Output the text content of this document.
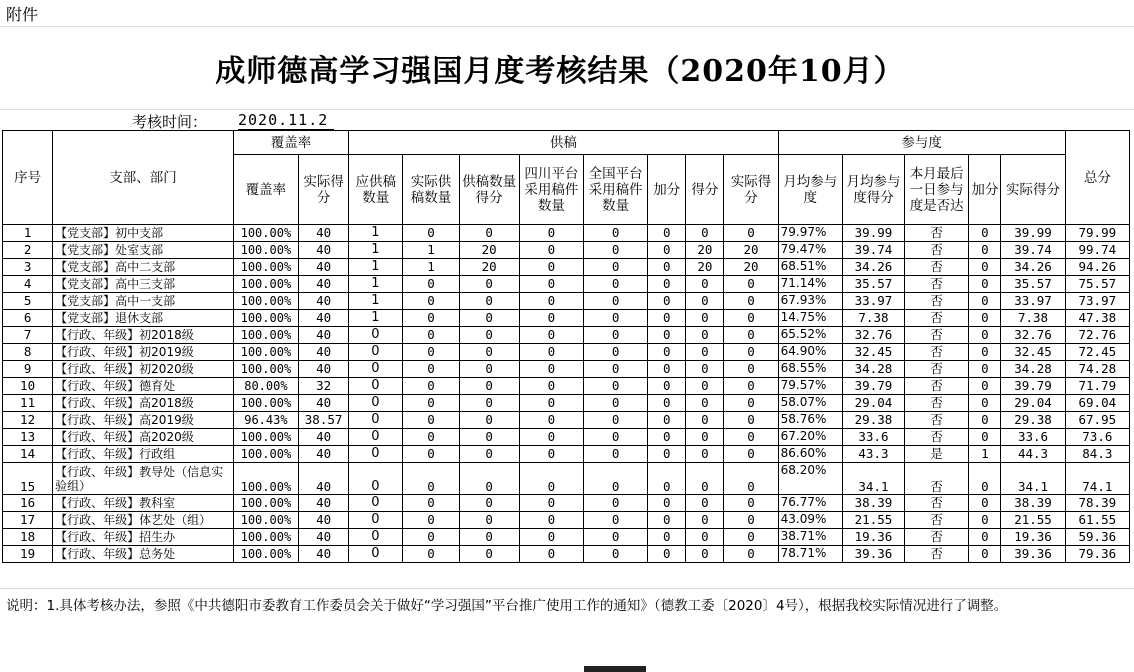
附件
成师德高学习强国月度考核结果（2020年10月）
考核时间： 2020.11.2
序号	支部、部门	覆盖率		供稿								参与度					总分
		覆盖率	实际得分	应供稿数量	实际供稿数量	供稿数量得分	四川平台采用稿件数量	全国平台采用稿件数量	加分	得分	实际得分	月均参与度	月均参与度得分	本月最后一日参与度是否达	加分	实际得分	
1	【党支部】初中支部	100.00%	40	1	0	0	0	0	0	0	0	79.97%	39.99	否	0	39.99	79.99
2	【党支部】处室支部	100.00%	40	1	1	20	0	0	0	20	20	79.47%	39.74	否	0	39.74	99.74
3	【党支部】高中二支部	100.00%	40	1	1	20	0	0	0	20	20	68.51%	34.26	否	0	34.26	94.26
4	【党支部】高中三支部	100.00%	40	1	0	0	0	0	0	0	0	71.14%	35.57	否	0	35.57	75.57
5	【党支部】高中一支部	100.00%	40	1	0	0	0	0	0	0	0	67.93%	33.97	否	0	33.97	73.97
6	【党支部】退休支部	100.00%	40	1	0	0	0	0	0	0	0	14.75%	7.38	否	0	7.38	47.38
7	【行政、年级】初2018级	100.00%	40	0	0	0	0	0	0	0	0	65.52%	32.76	否	0	32.76	72.76
8	【行政、年级】初2019级	100.00%	40	0	0	0	0	0	0	0	0	64.90%	32.45	否	0	32.45	72.45
9	【行政、年级】初2020级	100.00%	40	0	0	0	0	0	0	0	0	68.55%	34.28	否	0	34.28	74.28
10	【行政、年级】德育处	80.00%	32	0	0	0	0	0	0	0	0	79.57%	39.79	否	0	39.79	71.79
11	【行政、年级】高2018级	100.00%	40	0	0	0	0	0	0	0	0	58.07%	29.04	否	0	29.04	69.04
12	【行政、年级】高2019级	96.43%	38.57	0	0	0	0	0	0	0	0	58.76%	29.38	否	0	29.38	67.95
13	【行政、年级】高2020级	100.00%	40	0	0	0	0	0	0	0	0	67.20%	33.6	否	0	33.6	73.6
14	【行政、年级】行政组	100.00%	40	0	0	0	0	0	0	0	0	86.60%	43.3	是	1	44.3	84.3
15	【行政、年级】教导处（信息实验组）	100.00%	40	0	0	0	0	0	0	0	0	68.20%	34.1	否	0	34.1	74.1
16	【行政、年级】教科室	100.00%	40	0	0	0	0	0	0	0	0	76.77%	38.39	否	0	38.39	78.39
17	【行政、年级】体艺处（组）	100.00%	40	0	0	0	0	0	0	0	0	43.09%	21.55	否	0	21.55	61.55
18	【行政、年级】招生办	100.00%	40	0	0	0	0	0	0	0	0	38.71%	19.36	否	0	19.36	59.36
19	【行政、年级】总务处	100.00%	40	0	0	0	0	0	0	0	0	78.71%	39.36	否	0	39.36	79.36
说明：1.具体考核办法，参照《中共德阳市委教育工作委员会关于做好“学习强国”平台推广使用工作的通知》（德教工委〔2020〕4号），根据我校实际情况进行了调整。
